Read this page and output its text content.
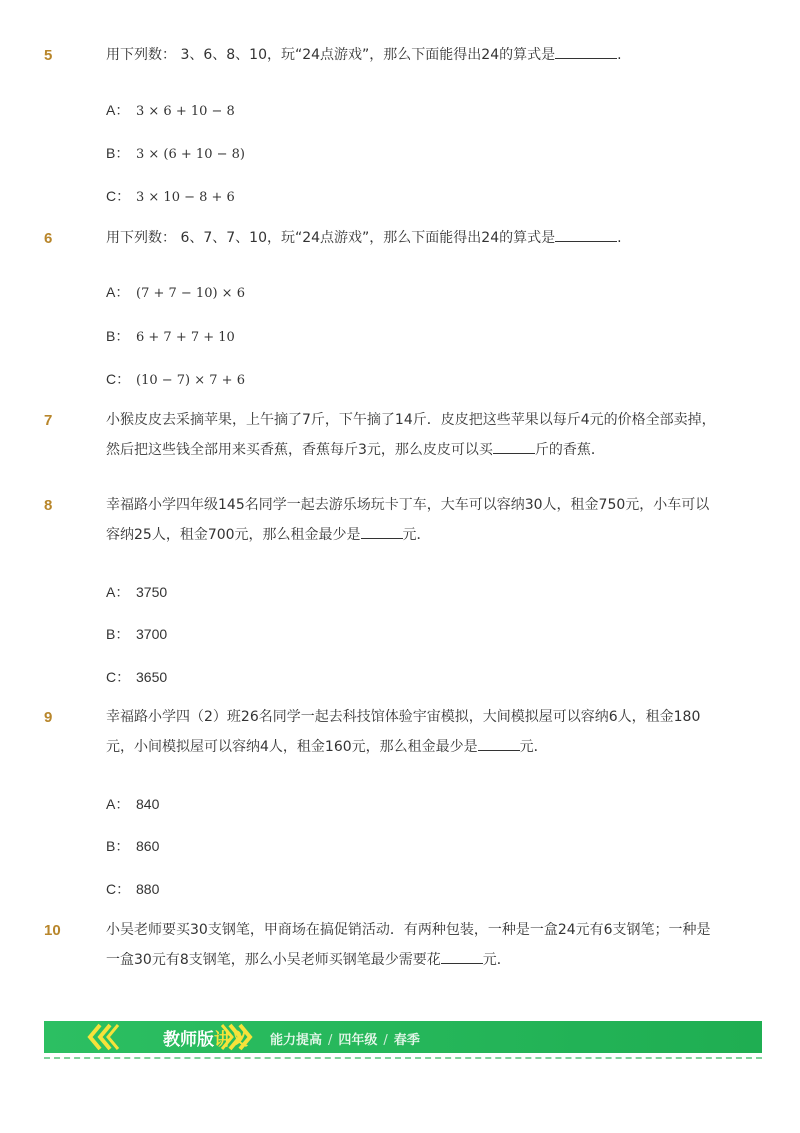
5	用下列数： 3、6、8、10，玩“24点游戏”，那么下面能得出24的算式是	.
A： 3 × 6 + 10 − 8
B： 3 × (6 + 10 − 8)
C： 3 × 10 − 8 + 6
6	用下列数： 6、7、7、10，玩“24点游戏”，那么下面能得出24的算式是	.
A： (7 + 7 − 10) × 6
B： 6 + 7 + 7 + 10
C： (10 − 7) × 7 + 6
7	小猴皮皮去采摘苹果，上午摘了7斤，下午摘了14斤．皮皮把这些苹果以每斤4元的价格全部卖掉，然后把这些钱全部用来买香蕉，香蕉每斤3元，那么皮皮可以买	斤的香蕉．
8	幸福路小学四年级145名同学一起去游乐场玩卡丁车，大车可以容纳30人，租金750元，小车可以容纳25人，租金700元，那么租金最少是	元．
A： 3750
B： 3700
C： 3650
9	幸福路小学四（2）班26名同学一起去科技馆体验宇宙模拟，大间模拟屋可以容纳6人，租金180元，小间模拟屋可以容纳4人，租金160元，那么租金最少是	元．
A： 840
B： 860
C： 880
10	小吴老师要买30支钢笔，甲商场在搞促销活动．有两种包装，一种是一盒24元有6支钢笔；一种是一盒30元有8支钢笔，那么小吴老师买钢笔最少需要花	元．
教师版讲义 能力提高 / 四年级 / 春季
